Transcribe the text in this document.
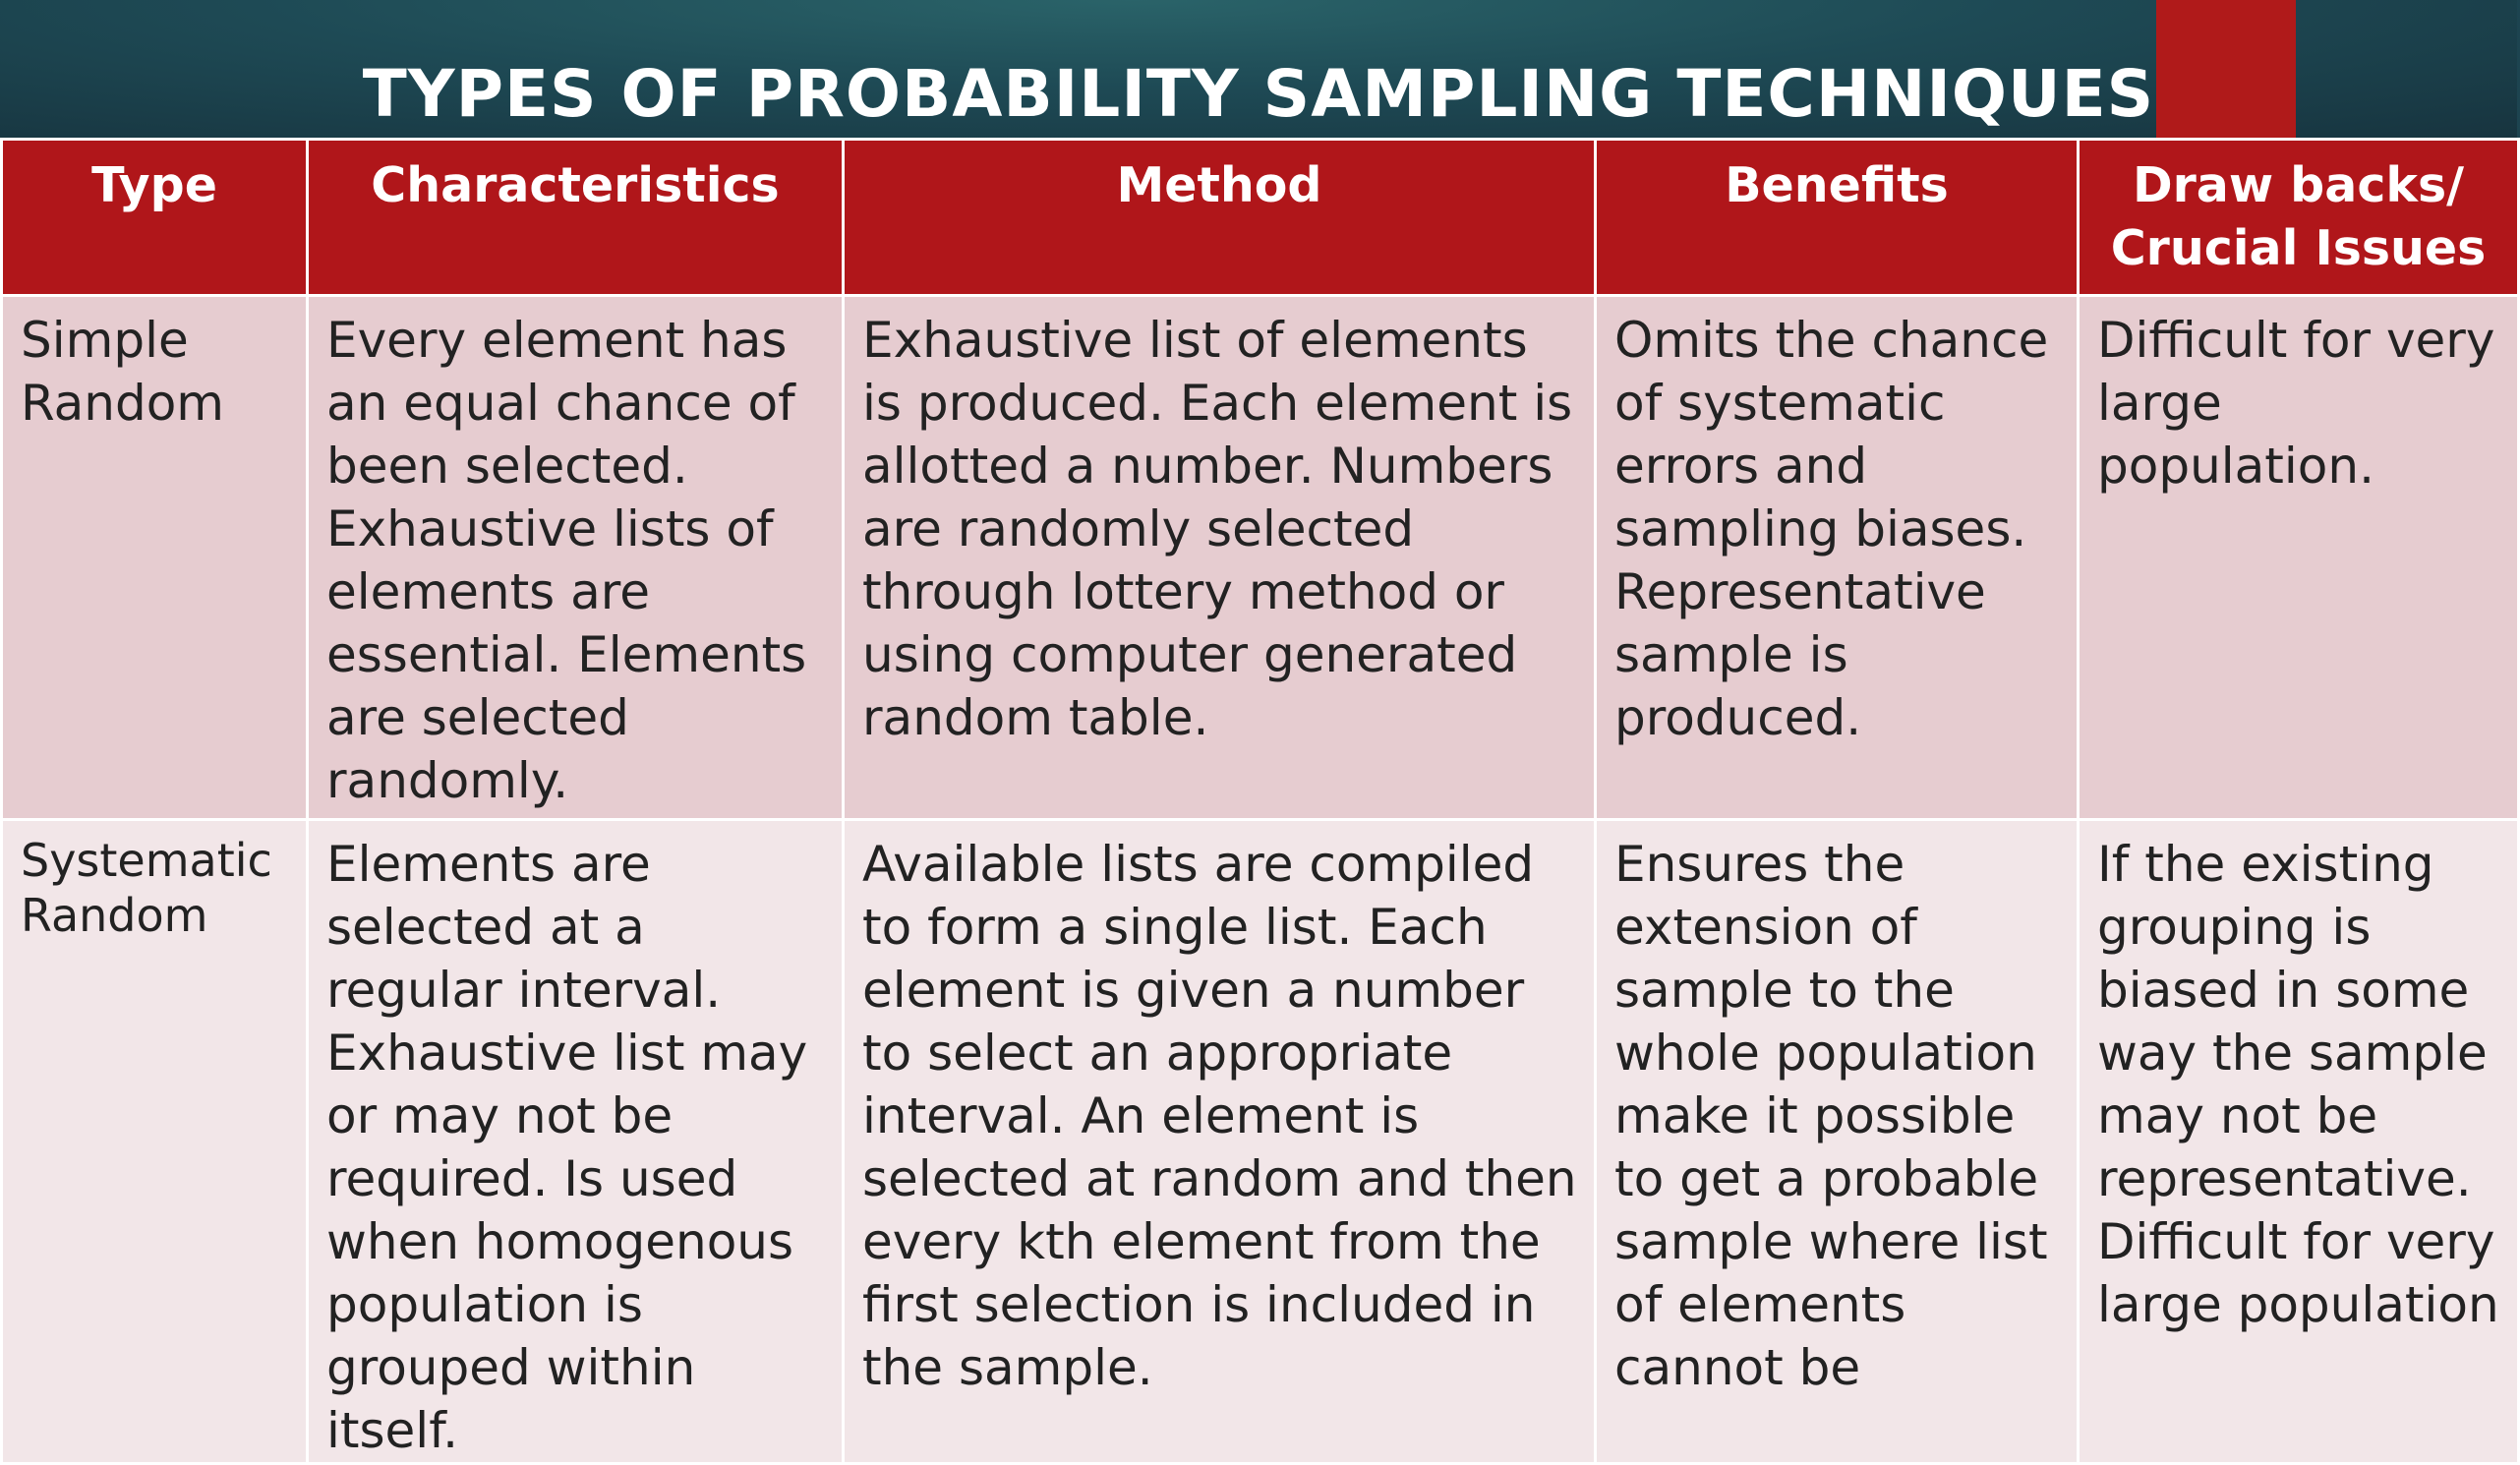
TYPES OF PROBABILITY SAMPLING TECHNIQUES
Type	Characteristics	Method	Benefits	Draw backs/ Crucial Issues
Simple Random	Every element has an equal chance of been selected. Exhaustive lists of elements are essential. Elements are selected randomly.	Exhaustive list of elements is produced. Each element is allotted a number. Numbers are randomly selected through lottery method or using computer generated random table.	Omits the chance of systematic errors and sampling biases. Representative sample is produced.	Difficult for very large population.
Systematic Random	Elements are selected at a regular interval. Exhaustive list may or may not be required. Is used when homogenous population is grouped within itself.	Available lists are compiled to form a single list. Each element is given a number to select an appropriate interval. An element is selected at random and then every kth element from the first selection is included in the sample.	Ensures the extension of sample to the whole population make it possible to get a probable sample where list of elements cannot be	If the existing grouping is biased in some way the sample may not be representative. Difficult for very large population
